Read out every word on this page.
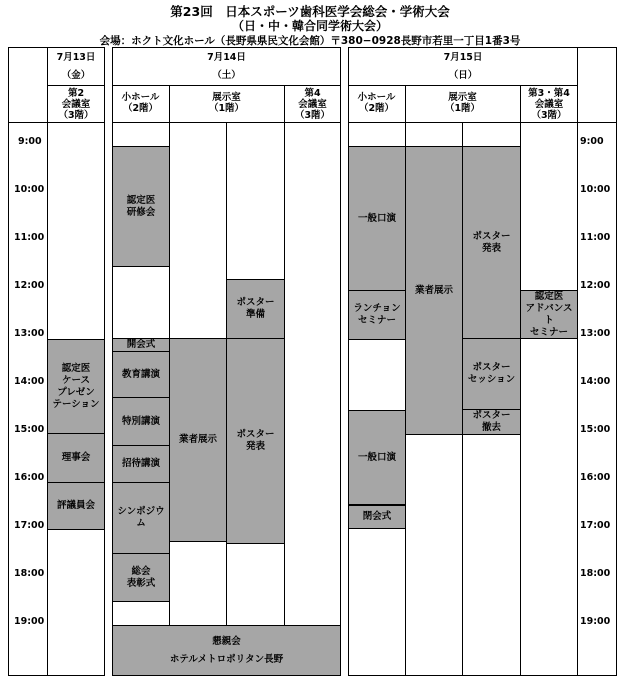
第23回　日本スポーツ歯科医学会総会・学術大会
（日・中・韓合同学術大会）
会場：ホクト文化ホール（長野県県民文化会館）〒380−0928長野市若里一丁目1番3号
7月13日
（金）
7月14日
（土）
7月15日
（日）
第2
会議室
（3階）
小ホール
（2階）
展示室
（1階）
第4
会議室
（3階）
小ホール
（2階）
展示室
（1階）
第3・第4
会議室
（3階）
9:00
10:00
11:00
12:00
13:00
14:00
15:00
16:00
17:00
18:00
19:00
9:00
10:00
11:00
12:00
13:00
14:00
15:00
16:00
17:00
18:00
19:00
認定医
ケース
プレゼン
テーション
理事会
評議員会
認定医
研修会
開会式
教育講演
特別講演
招待講演
シンポジウム
総会
表彰式
業者展示	ポスター
発表
ポスター
準備
懇親会
ホテルメトロポリタン長野
一般口演
ランチョン
セミナー
一般口演
閉会式
業者展示
ポスター
発表
ポスター
セッション
ポスター
撤去
認定医
アドバンスト
セミナー
